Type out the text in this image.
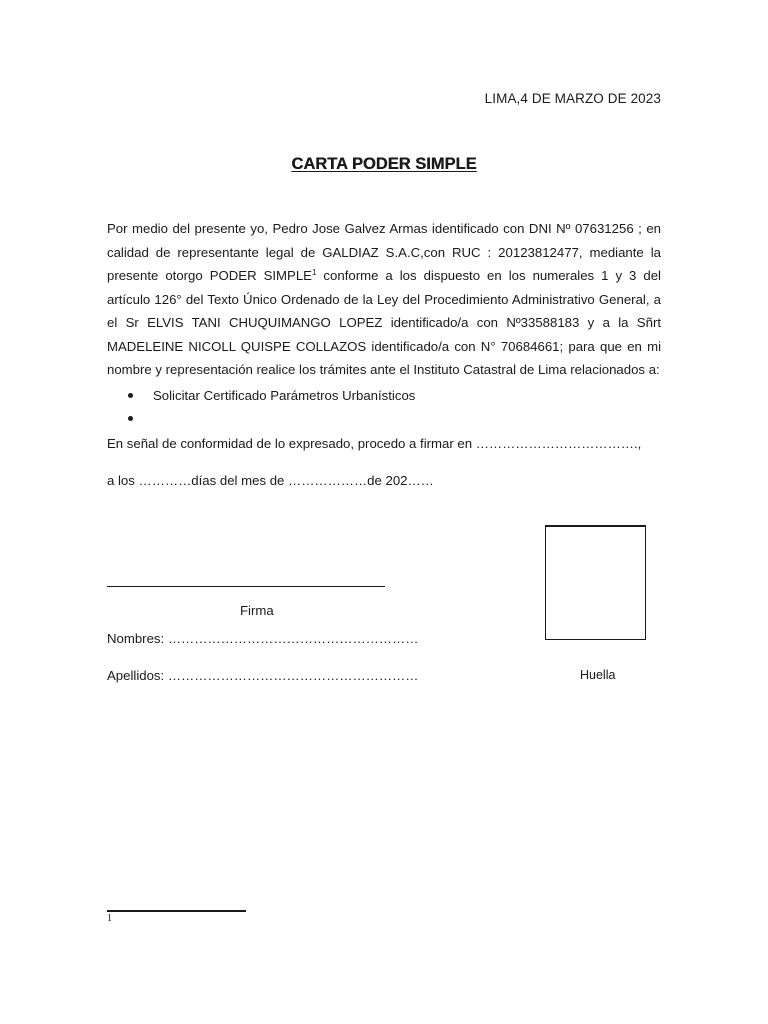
LIMA,4 DE MARZO DE 2023
CARTA PODER SIMPLE

Por medio del presente yo, Pedro Jose Galvez Armas identificado con DNI Nº 07631256 ; en calidad de representante legal de GALDIAZ S.A.C,con RUC : 20123812477, mediante la presente otorgo PODER SIMPLE$^1$ conforme a los dispuesto en los numerales 1 y 3 del artículo 126° del Texto Único Ordenado de la Ley del Procedimiento Administrativo General, a el Sr ELVIS TANI CHUQUIMANGO LOPEZ identificado/a con Nº33588183 y a la Sñrt MADELEINE NICOLL QUISPE COLLAZOS identificado/a con N° 70684661; para que en mi nombre y representación realice los trámites ante el Instituto Catastral de Lima relacionados a:

Solicitar Certificado Parámetros Urbanísticos
En señal de conformidad de lo expresado, procedo a firmar en ……………………………….,
a los …………días del mes de ………………de 202……
Firma
Nombres: …………………………………………………
Apellidos: …………………………………………………	Huella
1
